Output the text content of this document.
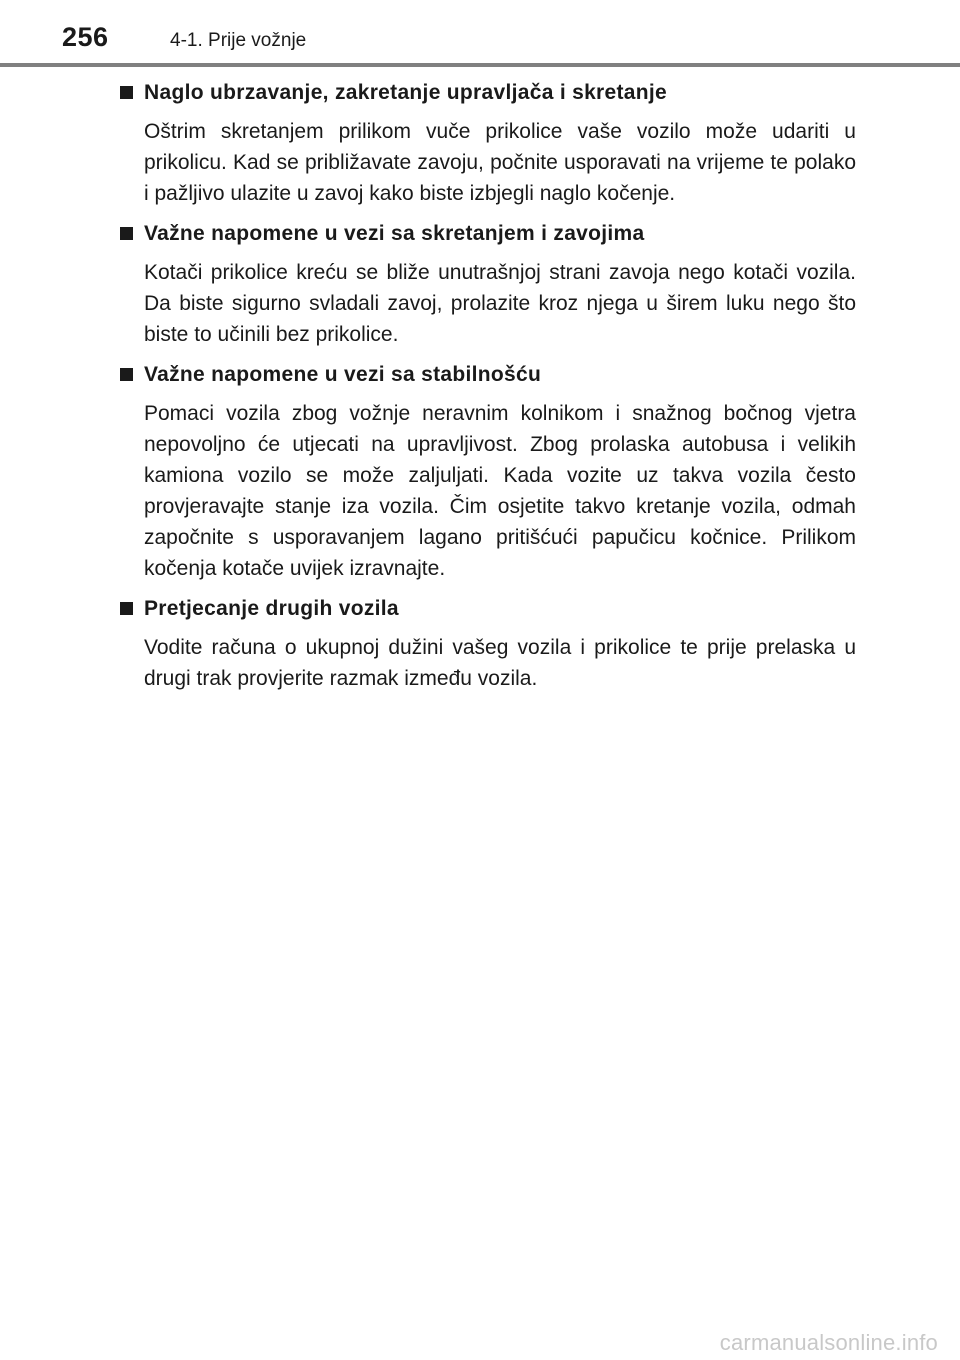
256	4-1. Prije vožnje
Naglo ubrzavanje, zakretanje upravljača i skretanje

Oštrim skretanjem prilikom vuče prikolice vaše vozilo može udariti u prikolicu. Kad se približavate zavoju, počnite usporavati na vrijeme te polako i pažljivo ulazite u zavoj kako biste izbjegli naglo kočenje.

Važne napomene u vezi sa skretanjem i zavojima

Kotači prikolice kreću se bliže unutrašnjoj strani zavoja nego kotači vozila. Da biste sigurno svladali zavoj, prolazite kroz njega u širem luku nego što biste to učinili bez prikolice.

Važne napomene u vezi sa stabilnošću

Pomaci vozila zbog vožnje neravnim kolnikom i snažnog bočnog vjetra nepovoljno će utjecati na upravljivost. Zbog prolaska autobusa i velikih kamiona vozilo se može zaljuljati. Kada vozite uz takva vozila često provjeravajte stanje iza vozila. Čim osjetite takvo kretanje vozila, odmah započnite s usporavanjem lagano pritišćući papučicu kočnice. Prilikom kočenja kotače uvijek izravnajte.

Pretjecanje drugih vozila

Vodite računa o ukupnoj dužini vašeg vozila i prikolice te prije prelaska u drugi trak provjerite razmak između vozila.

carmanualsonline.info
